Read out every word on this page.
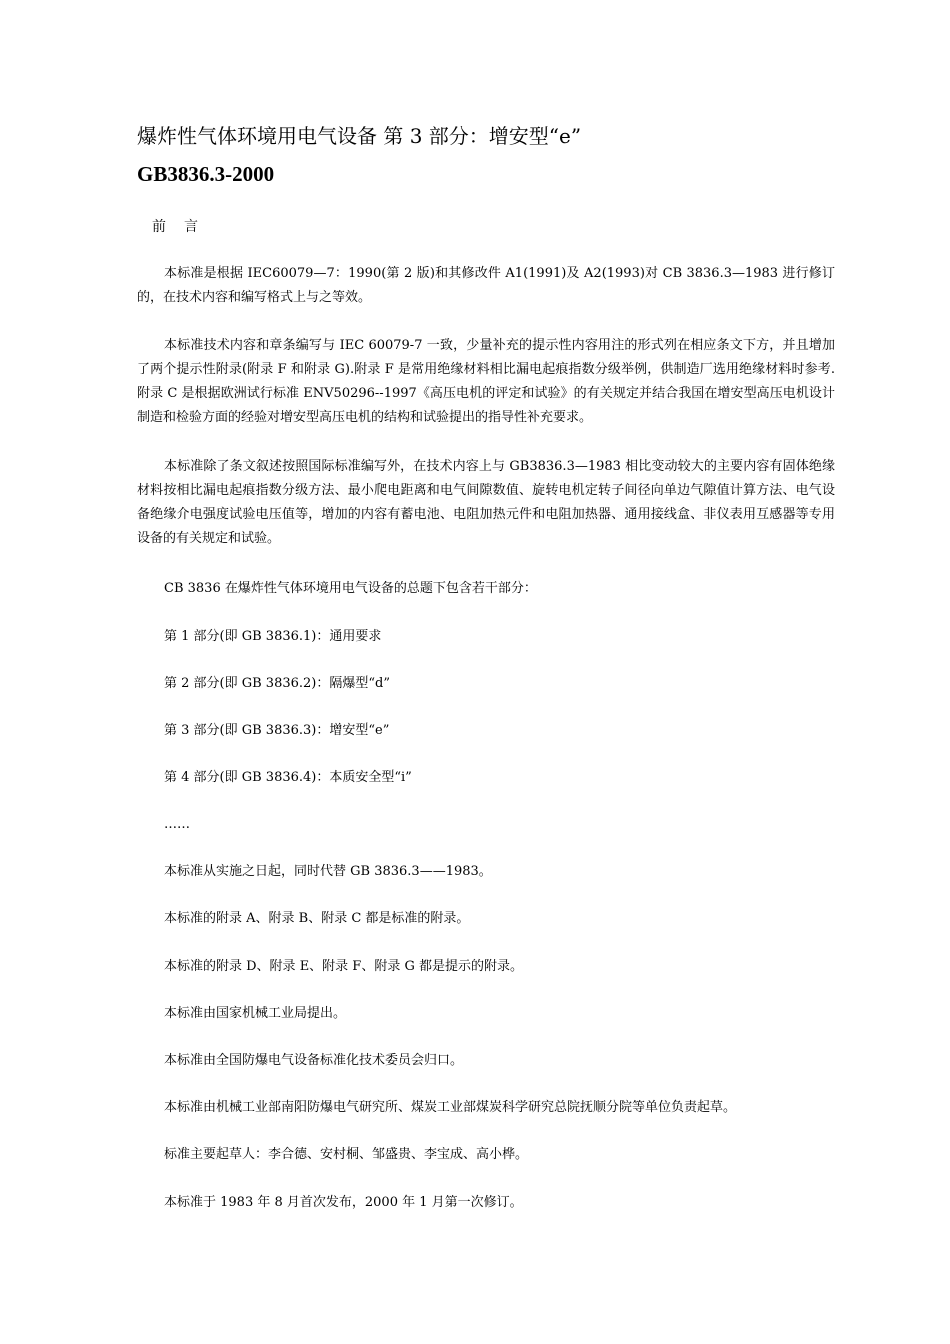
爆炸性气体环境用电气设备 第 3 部分：增安型“e”
GB3836.3-2000
前言
本标准是根据 IEC60079—7：1990(第 2 版)和其修改件 A1(1991)及 A2(1993)对 CB 3836.3—1983 进行修订的，在技术内容和编写格式上与之等效。
本标准技术内容和章条编写与 IEC 60079-7 一致，少量补充的提示性内容用注的形式列在相应条文下方，并且增加了两个提示性附录(附录 F 和附录 G).附录 F 是常用绝缘材料相比漏电起痕指数分级举例，供制造厂选用绝缘材料时参考.附录 C 是根据欧洲试行标准 ENV50296--1997《高压电机的评定和试验》的有关规定并结合我国在增安型高压电机设计制造和检验方面的经验对增安型高压电机的结构和试验提出的指导性补充要求。
本标准除了条文叙述按照国际标准编写外，在技术内容上与 GB3836.3—1983 相比变动较大的主要内容有固体绝缘材料按相比漏电起痕指数分级方法、最小爬电距离和电气间隙数值、旋转电机定转子间径向单边气隙值计算方法、电气设备绝缘介电强度试验电压值等，增加的内容有蓄电池、电阻加热元件和电阻加热器、通用接线盒、非仪表用互感器等专用设备的有关规定和试验。
CB 3836 在爆炸性气体环境用电气设备的总题下包含若干部分：
第 1 部分(即 GB 3836.1)：通用要求
第 2 部分(即 GB 3836.2)：隔爆型“d”
第 3 部分(即 GB 3836.3)：增安型“e”
第 4 部分(即 GB 3836.4)：本质安全型“i”
……
本标准从实施之日起，同时代替 GB 3836.3——1983。
本标准的附录 A、附录 B、附录 C 都是标准的附录。
本标准的附录 D、附录 E、附录 F、附录 G 都是提示的附录。
本标准由国家机械工业局提出。
本标准由全国防爆电气设备标准化技术委员会归口。
本标准由机械工业部南阳防爆电气研究所、煤炭工业部煤炭科学研究总院抚顺分院等单位负责起草。
标准主要起草人：李合德、安村桐、邹盛贵、李宝成、高小桦。
本标准于 1983 年 8 月首次发布，2000 年 1 月第一次修订。
